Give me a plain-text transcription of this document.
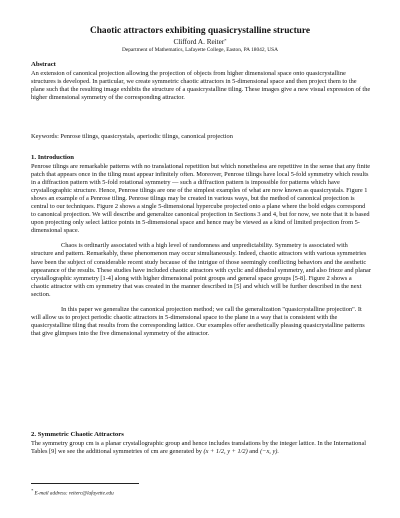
Chaotic attractors exhibiting quasicrystalline structure
Clifford A. Reiter*
Department of Mathematics, Lafayette College, Easton, PA 18042, USA
Abstract
An extension of canonical projection allowing the projection of objects from higher dimensional space onto quasicrystalline structures is developed. In particular, we create symmetric chaotic attractors in 5-dimensional space and then project them to the plane such that the resulting image exhibits the structure of a quasicrystalline tiling. These images give a new visual expression of the higher dimensional symmetry of the corresponding attractor.
Keywords: Penrose tilings, quasicrystals, aperiodic tilings, canonical projection
1. Introduction

Penrose tilings are remarkable patterns with no translational repetition but which nonetheless are repetitive in the sense that any finite patch that appears once in the tiling must appear infinitely often. Moreover, Penrose tilings have local 5-fold symmetry which results in a diffraction pattern with 5-fold rotational symmetry — such a diffraction pattern is impossible for patterns which have crystallographic structure. Hence, Penrose tilings are one of the simplest examples of what are now known as quasicrystals. Figure 1 shows an example of a Penrose tiling. Penrose tilings may be created in various ways, but the method of canonical projection is central to our techniques. Figure 2 shows a single 5-dimensional hypercube projected onto a plane where the bold edges correspond to canonical projection. We will describe and generalize canonical projection in Sections 3 and 4, but for now, we note that it is based upon projecting only select lattice points in 5-dimensional space and hence may be viewed as a kind of limited projection from 5-dimensional space.

Chaos is ordinarily associated with a high level of randomness and unpredictability. Symmetry is associated with structure and pattern. Remarkably, these phenomenon may occur simultaneously. Indeed, chaotic attractors with various symmetries have been the subject of considerable recent study because of the intrigue of those seemingly conflicting behaviors and the aesthetic appearance of the results. These studies have included chaotic attractors with cyclic and dihedral symmetry, and also frieze and planar crystallographic symmetry [1-4] along with higher dimensional point groups and general space groups [5-8]. Figure 2 shows a chaotic attractor with cm symmetry that was created in the manner described in [5] and which will be further described in the next section.

In this paper we generalize the canonical projection method; we call the generalization "quasicrystalline projection". It will allow us to project periodic chaotic attractors in 5-dimensional space to the plane in a way that is consistent with the quasicrystalline tiling that results from the corresponding lattice. Our examples offer aesthetically pleasing quasicrystalline patterns that give glimpses into the five dimensional symmetry of the attractor.

2. Symmetric Chaotic Attractors
The symmetry group cm is a planar crystallographic group and hence includes translations by the integer lattice. In the International Tables [9] we see the additional symmetries of cm are generated by (x + 1/2, y + 1/2) and (−x, y).
* E-mail address: reiterc@lafayette.edu
